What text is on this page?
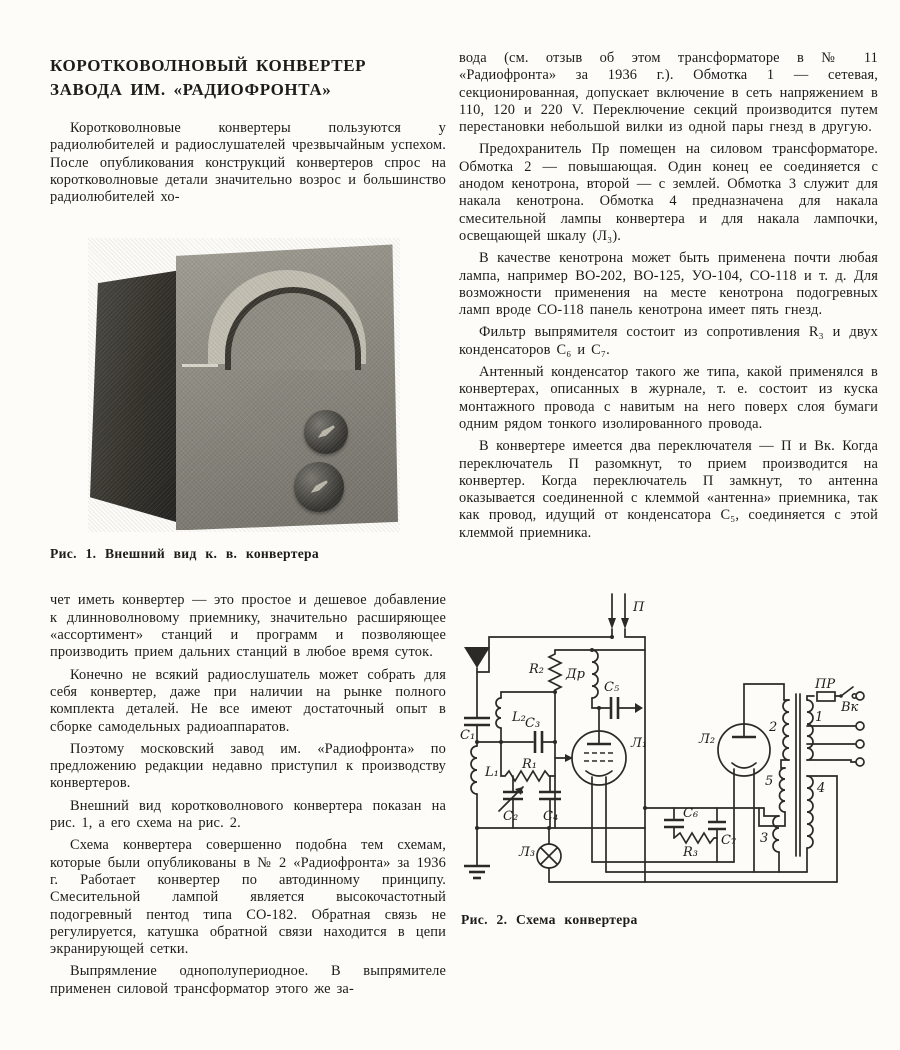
КОРОТКОВОЛНОВЫЙ КОНВЕРТЕР
ЗАВОДА ИМ. «РАДИОФРОНТА»

Коротковолновые конвертеры пользуются у радиолюбителей и радиослушателей чрезвычайным успехом. После опубликования конструкций конвертеров спрос на коротковолновые детали значительно возрос и большинство радиолюбителей хо-

Рис. 1. Внешний вид к. в. конвертера

чет иметь конвертер — это простое и дешевое добавление к длинноволновому приемнику, значительно расширяющее «ассортимент» станций и программ и позволяющее производить прием дальних станций в любое время суток.

Конечно не всякий радиослушатель может собрать для себя конвертер, даже при наличии на рынке полного комплекта деталей. Не все имеют достаточный опыт в сборке самодельных радиоаппаратов.

Поэтому московский завод им. «Радиофронта» по предложению редакции недавно приступил к производству конвертеров.

Внешний вид коротковолнового конвертера показан на рис. 1, а его схема на рис. 2.

Схема конвертера совершенно подобна тем схемам, которые были опубликованы в № 2 «Радиофронта» за 1936 г. Работает конвертер по автодинному принципу. Смесительной лампой является высокочастотный подогревный пентод типа СО-182. Обратная связь не регулируется, катушка обратной связи находится в цепи экранирующей сетки.

Выпрямление однополупериодное. В выпрямителе применен силовой трансформатор этого же за-

вода (см. отзыв об этом трансформаторе в № 11 «Радиофронта» за 1936 г.). Обмотка 1 — сетевая, секционированная, допускает включение в сеть напряжением в 110, 120 и 220 V. Переключение секций производится путем перестановки небольшой вилки из одной пары гнезд в другую.

Предохранитель Пр помещен на силовом трансформаторе. Обмотка 2 — повышающая. Один конец ее соединяется с анодом кенотрона, второй — с землей. Обмотка 3 служит для накала кенотрона. Обмотка 4 предназначена для накала смесительной лампы конвертера и для накала лампочки, освещающей шкалу (Л₃).

В качестве кенотрона может быть применена почти любая лампа, например ВО-202, ВО-125, УО-104, СО-118 и т. д. Для возможности применения на месте кенотрона подогревных ламп вроде СО-118 панель кенотрона имеет пять гнезд.

Фильтр выпрямителя состоит из сопротивления R₃ и двух конденсаторов С₆ и С₇.

Антенный конденсатор такого же типа, какой применялся в конвертерах, описанных в журнале, т. е. состоит из куска монтажного провода с навитым на него поверх слоя бумаги одним рядом тонкого изолированного провода.

В конвертере имеется два переключателя — П и Вк. Когда переключатель П разомкнут, то прием производится на конвертер. Когда переключатель П замкнут, то антенна оказывается соединенной с клеммой «антенна» приемника, так как провод, идущий от конденсатора С₅, соединяется с этой клеммой приемника.

П
R₂ Др
С₅
L₂
С₁
С₃
Л₁
L₁
R₁
С₂ С₄
Л₃
С₆
R₃
С₇
Л₂
2
5
3
1
4
ПР
Вк
Рис. 2. Схема конвертера
